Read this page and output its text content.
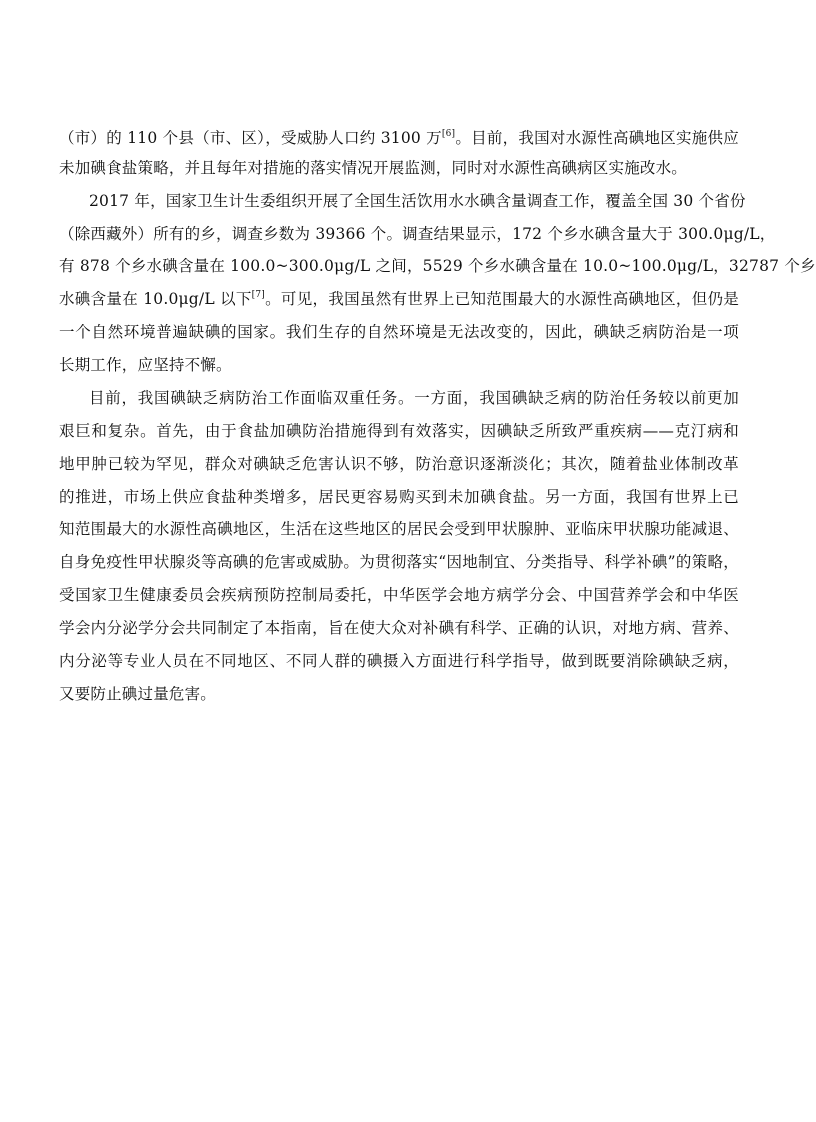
（市）的 110 个县（市、区），受威胁人口约 3100 万[6]。目前，我国对水源性高碘地区实施供应
未加碘食盐策略，并且每年对措施的落实情况开展监测，同时对水源性高碘病区实施改水。
2017 年，国家卫生计生委组织开展了全国生活饮用水水碘含量调查工作，覆盖全国 30 个省份
（除西藏外）所有的乡，调查乡数为 39366 个。调查结果显示，172 个乡水碘含量大于 300.0μg/L，
有 878 个乡水碘含量在 100.0~300.0μg/L 之间，5529 个乡水碘含量在 10.0~100.0μg/L，32787 个乡
水碘含量在 10.0μg/L 以下[7]。可见，我国虽然有世界上已知范围最大的水源性高碘地区，但仍是
一个自然环境普遍缺碘的国家。我们生存的自然环境是无法改变的，因此，碘缺乏病防治是一项
长期工作，应坚持不懈。
目前，我国碘缺乏病防治工作面临双重任务。一方面，我国碘缺乏病的防治任务较以前更加
艰巨和复杂。首先，由于食盐加碘防治措施得到有效落实，因碘缺乏所致严重疾病——克汀病和
地甲肿已较为罕见，群众对碘缺乏危害认识不够，防治意识逐渐淡化；其次，随着盐业体制改革
的推进，市场上供应食盐种类增多，居民更容易购买到未加碘食盐。另一方面，我国有世界上已
知范围最大的水源性高碘地区，生活在这些地区的居民会受到甲状腺肿、亚临床甲状腺功能减退、
自身免疫性甲状腺炎等高碘的危害或威胁。为贯彻落实“因地制宜、分类指导、科学补碘”的策略，
受国家卫生健康委员会疾病预防控制局委托，中华医学会地方病学分会、中国营养学会和中华医
学会内分泌学分会共同制定了本指南，旨在使大众对补碘有科学、正确的认识，对地方病、营养、
内分泌等专业人员在不同地区、不同人群的碘摄入方面进行科学指导，做到既要消除碘缺乏病，
又要防止碘过量危害。
